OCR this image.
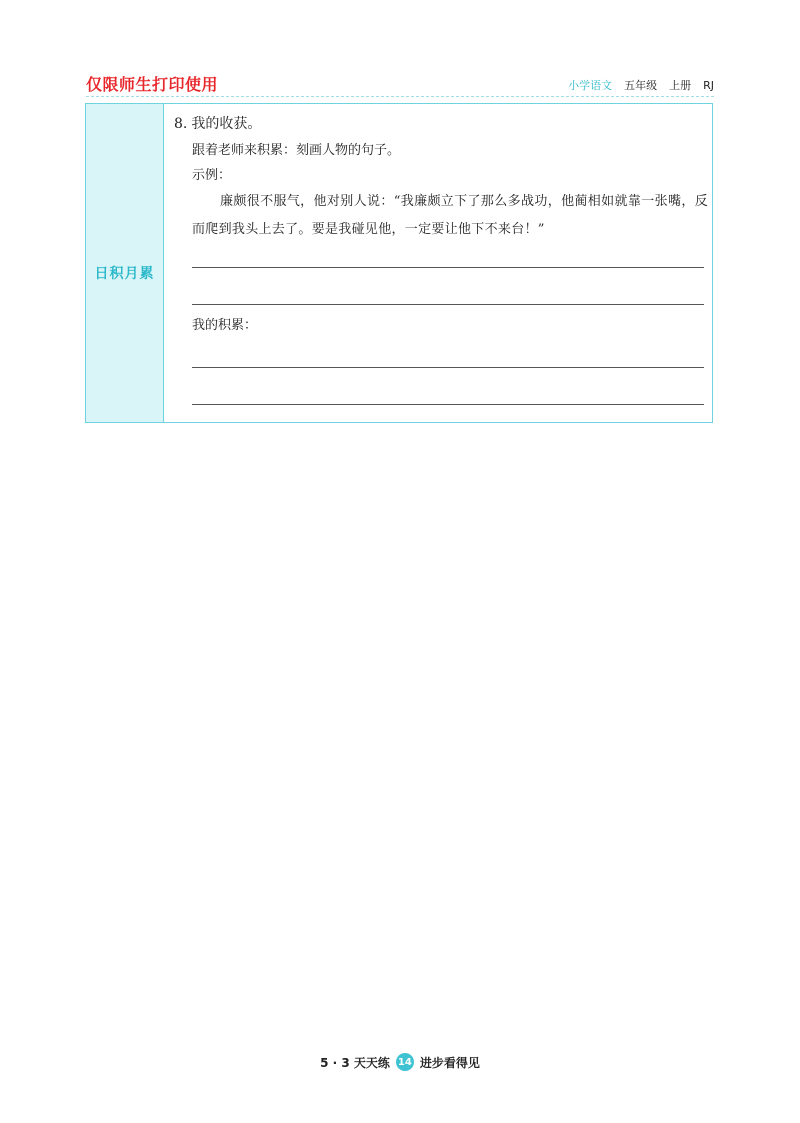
仅限师生打印使用	小学语文 五年级 上册 RJ
日积月累
8. 我的收获。
跟着老师来积累：刻画人物的句子。
示例：
廉颇很不服气，他对别人说：“我廉颇立下了那么多战功，他蔺相如就靠一张嘴，反而爬到我头上去了。要是我碰见他，一定要让他下不来台！”
我的积累：
5 · 3 天天练 14 进步看得见
